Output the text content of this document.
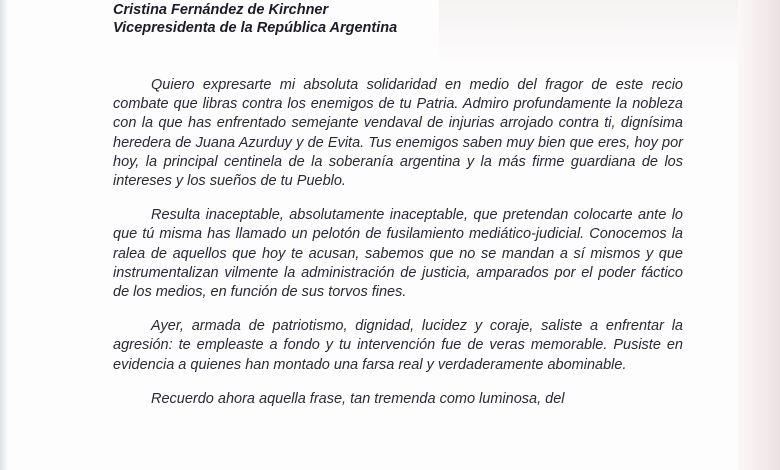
Cristina Fernández de Kirchner
Vicepresidenta de la República Argentina

Quiero expresarte mi absoluta solidaridad en medio del fragor de este recio combate que libras contra los enemigos de tu Patria. Admiro profundamente la nobleza con la que has enfrentado semejante vendaval de injurias arrojado contra ti, dignísima heredera de Juana Azurduy y de Evita. Tus enemigos saben muy bien que eres, hoy por hoy, la principal centinela de la soberanía argentina y la más firme guardiana de los intereses y los sueños de tu Pueblo.

Resulta inaceptable, absolutamente inaceptable, que pretendan colocarte ante lo que tú misma has llamado un pelotón de fusilamiento mediático-judicial. Conocemos la ralea de aquellos que hoy te acusan, sabemos que no se mandan a sí mismos y que instrumentalizan vilmente la administración de justicia, amparados por el poder fáctico de los medios, en función de sus torvos fines.

Ayer, armada de patriotismo, dignidad, lucidez y coraje, saliste a enfrentar la agresión: te empleaste a fondo y tu intervención fue de veras memorable. Pusiste en evidencia a quienes han montado una farsa real y verdaderamente abominable.

Recuerdo ahora aquella frase, tan tremenda como luminosa, del
